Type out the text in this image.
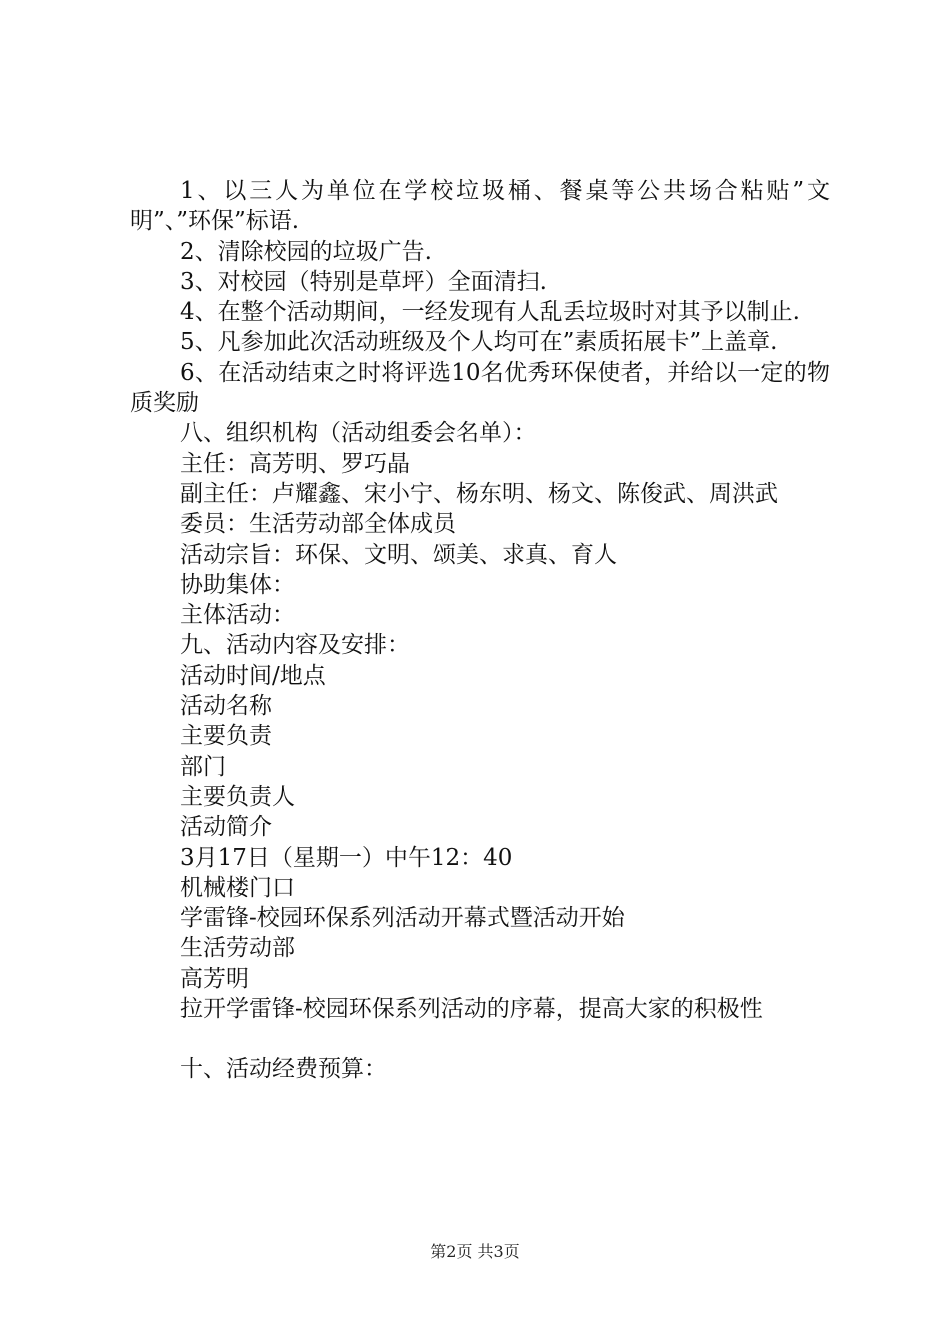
1、以三人为单位在学校垃圾桶、餐桌等公共场合粘贴”文明”、”环保”标语.

2、清除校园的垃圾广告.

3、对校园（特别是草坪）全面清扫.

4、在整个活动期间，一经发现有人乱丢垃圾时对其予以制止.

5、凡参加此次活动班级及个人均可在”素质拓展卡”上盖章.

6、在活动结束之时将评选10名优秀环保使者，并给以一定的物质奖励

八、组织机构（活动组委会名单）：

主任：高芳明、罗巧晶

副主任：卢耀鑫、宋小宁、杨东明、杨文、陈俊武、周洪武

委员：生活劳动部全体成员

活动宗旨：环保、文明、颂美、求真、育人

协助集体：

主体活动：

九、活动内容及安排：

活动时间/地点

活动名称

主要负责

部门

主要负责人

活动简介

3月17日（星期一）中午12：40

机械楼门口

学雷锋-校园环保系列活动开幕式暨活动开始

生活劳动部

高芳明

拉开学雷锋-校园环保系列活动的序幕，提高大家的积极性

十、活动经费预算：

第2页 共3页
